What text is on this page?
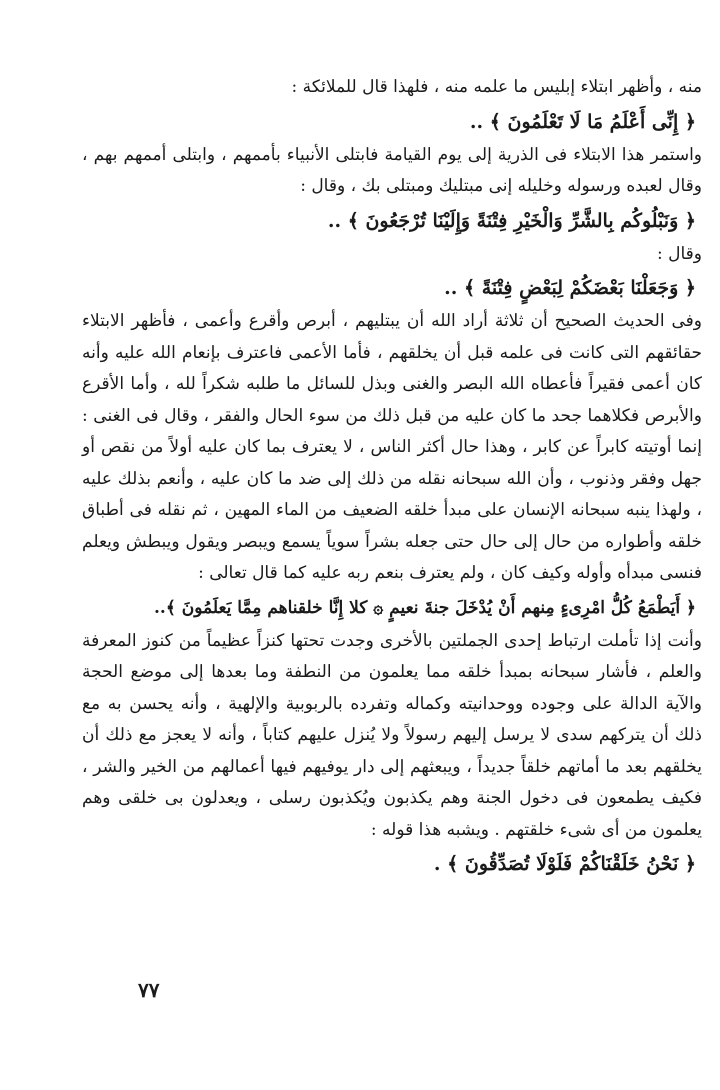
منه ، وأظهر ابتلاء إبليس ما علمه منه ، فلهذا قال للملائكة :

﴿ إِنِّى أَعْلَمُ مَا لَا تَعْلَمُونَ ﴾ ..

واستمر هذا الابتلاء فى الذرية إلى يوم القيامة فابتلى الأنبياء بأممهم ، وابتلى أممهم بهم ، وقال لعبده ورسوله وخليله إنى مبتليك ومبتلى بك ، وقال :

﴿ وَنَبْلُوكُم بِالشَّرِّ وَالْخَيْرِ فِتْنَةً وَإِلَيْنَا تُرْجَعُونَ ﴾ ..

وقال :

﴿ وَجَعَلْنَا بَعْضَكُمْ لِبَعْضٍ فِتْنَةً ﴾ ..

وفى الحديث الصحيح أن ثلاثة أراد الله أن يبتليهم ، أبرص وأقرع وأعمى ، فأظهر الابتلاء حقائقهم التى كانت فى علمه قبل أن يخلقهم ، فأما الأعمى فاعترف بإنعام الله عليه وأنه كان أعمى فقيراً فأعطاه الله البصر والغنى وبذل للسائل ما طلبه شكراً لله ، وأما الأقرع والأبرص فكلاهما جحد ما كان عليه من قبل ذلك من سوء الحال والفقر ، وقال فى الغنى : إنما أوتيته كابراً عن كابر ، وهذا حال أكثر الناس ، لا يعترف بما كان عليه أولاً من نقص أو جهل وفقر وذنوب ، وأن الله سبحانه نقله من ذلك إلى ضد ما كان عليه ، وأنعم بذلك عليه ، ولهذا ينبه سبحانه الإنسان على مبدأ خلقه الضعيف من الماء المهين ، ثم نقله فى أطباق خلقه وأطواره من حال إلى حال حتى جعله بشراً سوياً يسمع ويبصر ويقول ويبطش ويعلم فنسى مبدأه وأوله وكيف كان ، ولم يعترف بنعم ربه عليه كما قال تعالى :

﴿ أَيَطْمَعُ كُلُّ امْرِىءٍ مِنهم أَنْ يُدْخَلَ جنةَ نعيمٍ ۞ كلا إِنَّا خلقناهم مِمَّا يَعلَمُونَ ﴾..

وأنت إذا تأملت ارتباط إحدى الجملتين بالأخرى وجدت تحتها كنزاً عظيماً من كنوز المعرفة والعلم ، فأشار سبحانه بمبدأ خلقه مما يعلمون من النطفة وما بعدها إلى موضع الحجة والآية الدالة على وجوده ووحدانيته وكماله وتفرده بالربوبية والإلهية ، وأنه يحسن به مع ذلك أن يتركهم سدى لا يرسل إليهم رسولاً ولا يُنزل عليهم كتاباً ، وأنه لا يعجز مع ذلك أن يخلقهم بعد ما أماتهم خلقاً جديداً ، ويبعثهم إلى دار يوفيهم فيها أعمالهم من الخير والشر ، فكيف يطمعون فى دخول الجنة وهم يكذبون ويُكذبون رسلى ، ويعدلون بى خلقى وهم يعلمون من أى شىء خلقتهم . ويشبه هذا قوله :

﴿ نَحْنُ خَلَقْنَاكُمْ فَلَوْلَا تُصَدِّقُونَ ﴾ .

٧٧
